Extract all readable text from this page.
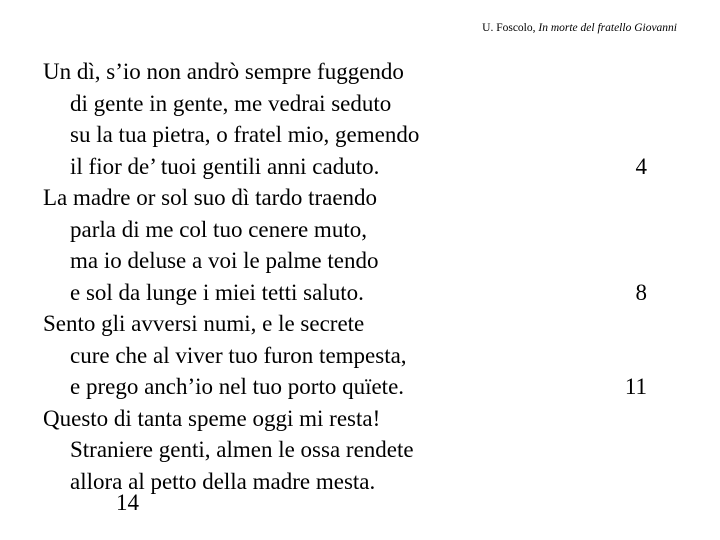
U. Foscolo, In morte del fratello Giovanni
Un dì, s’io non andrò sempre fuggendo
di gente in gente, me vedrai seduto
su la tua pietra, o fratel mio, gemendo
il fior de’ tuoi gentili anni caduto.	4
La madre or sol suo dì tardo traendo
parla di me col tuo cenere muto,
ma io deluse a voi le palme tendo
e sol da lunge i miei tetti saluto.	8
Sento gli avversi numi, e le secrete
cure che al viver tuo furon tempesta,
e prego anch’io nel tuo porto quïete.	11
Questo di tanta speme oggi mi resta!
Straniere genti, almen le ossa rendete
allora al petto della madre mesta.
14
